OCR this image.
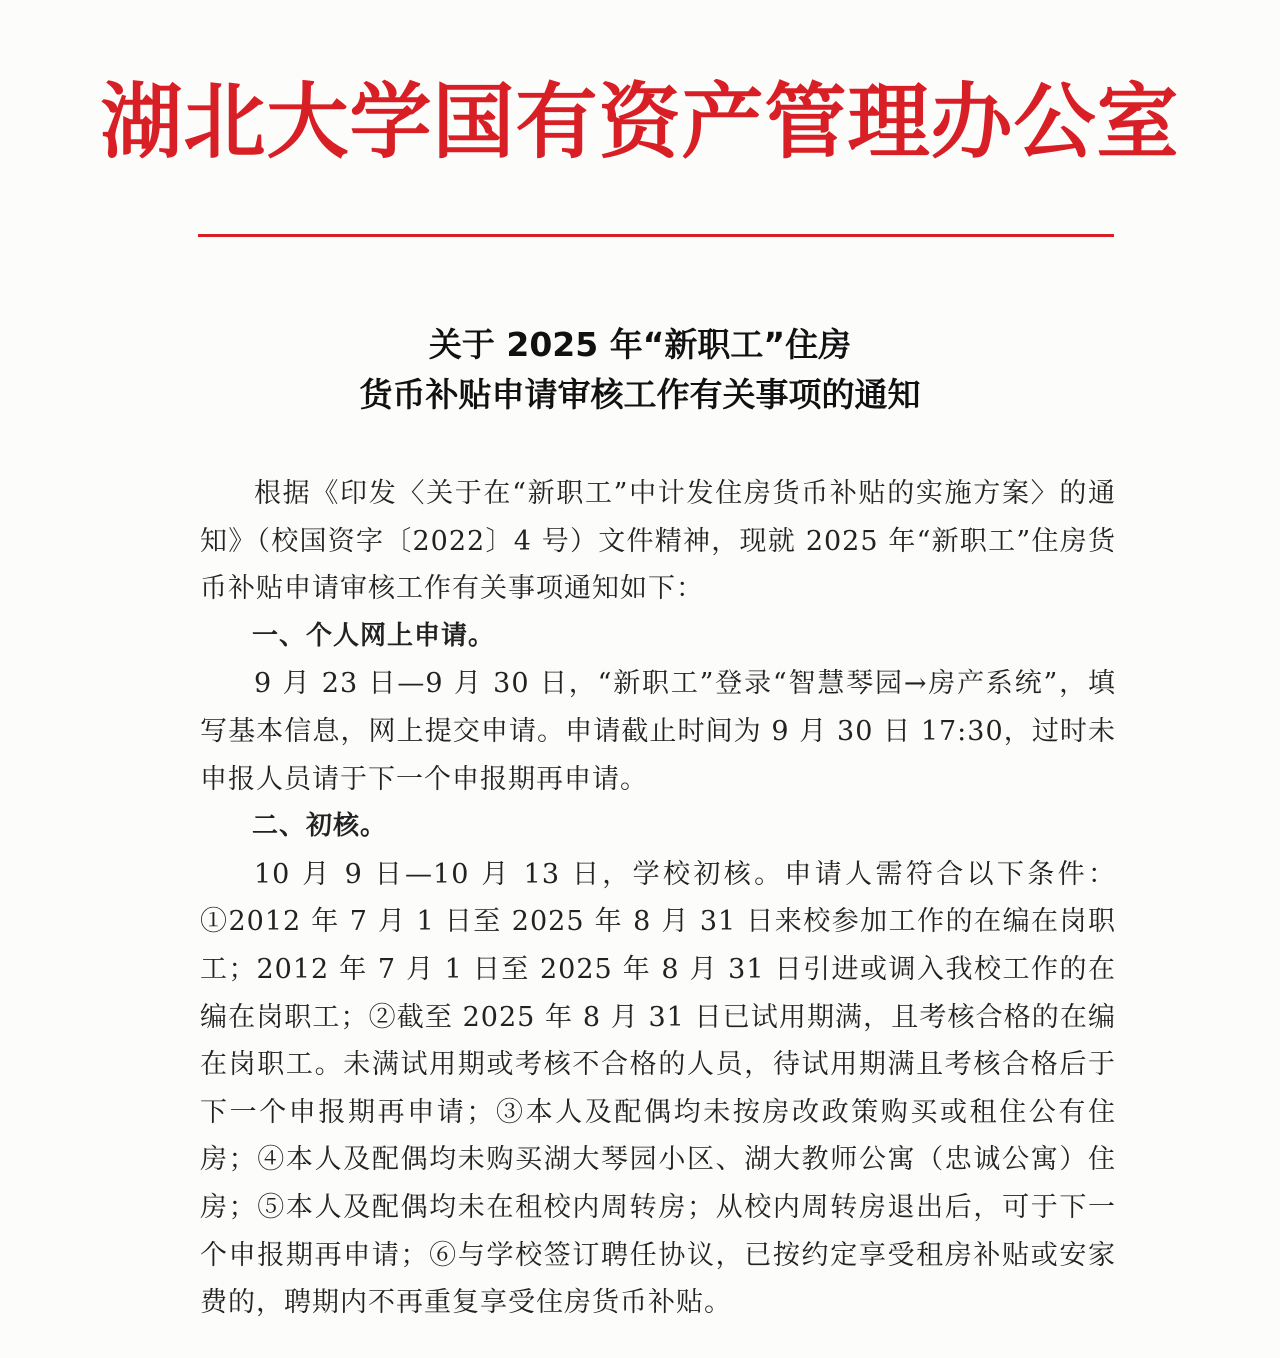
湖北大学国有资产管理办公室
关于 2025 年“新职工”住房
货币补贴申请审核工作有关事项的通知

根据《印发〈关于在“新职工”中计发住房货币补贴的实施方案〉的通知》（校国资字〔2022〕4 号）文件精神，现就 2025 年“新职工”住房货币补贴申请审核工作有关事项通知如下：

一、个人网上申请。

9 月 23 日—9 月 30 日，“新职工”登录“智慧琴园→房产系统”，填写基本信息，网上提交申请。申请截止时间为 9 月 30 日 17:30，过时未申报人员请于下一个申报期再申请。

二、初核。

10 月 9 日—10 月 13 日，学校初核。申请人需符合以下条件：①2012 年 7 月 1 日至 2025 年 8 月 31 日来校参加工作的在编在岗职工；2012 年 7 月 1 日至 2025 年 8 月 31 日引进或调入我校工作的在编在岗职工；②截至 2025 年 8 月 31 日已试用期满，且考核合格的在编在岗职工。未满试用期或考核不合格的人员，待试用期满且考核合格后于下一个申报期再申请；③本人及配偶均未按房改政策购买或租住公有住房；④本人及配偶均未购买湖大琴园小区、湖大教师公寓（忠诚公寓）住房；⑤本人及配偶均未在租校内周转房；从校内周转房退出后，可于下一个申报期再申请；⑥与学校签订聘任协议，已按约定享受租房补贴或安家费的，聘期内不再重复享受住房货币补贴。
